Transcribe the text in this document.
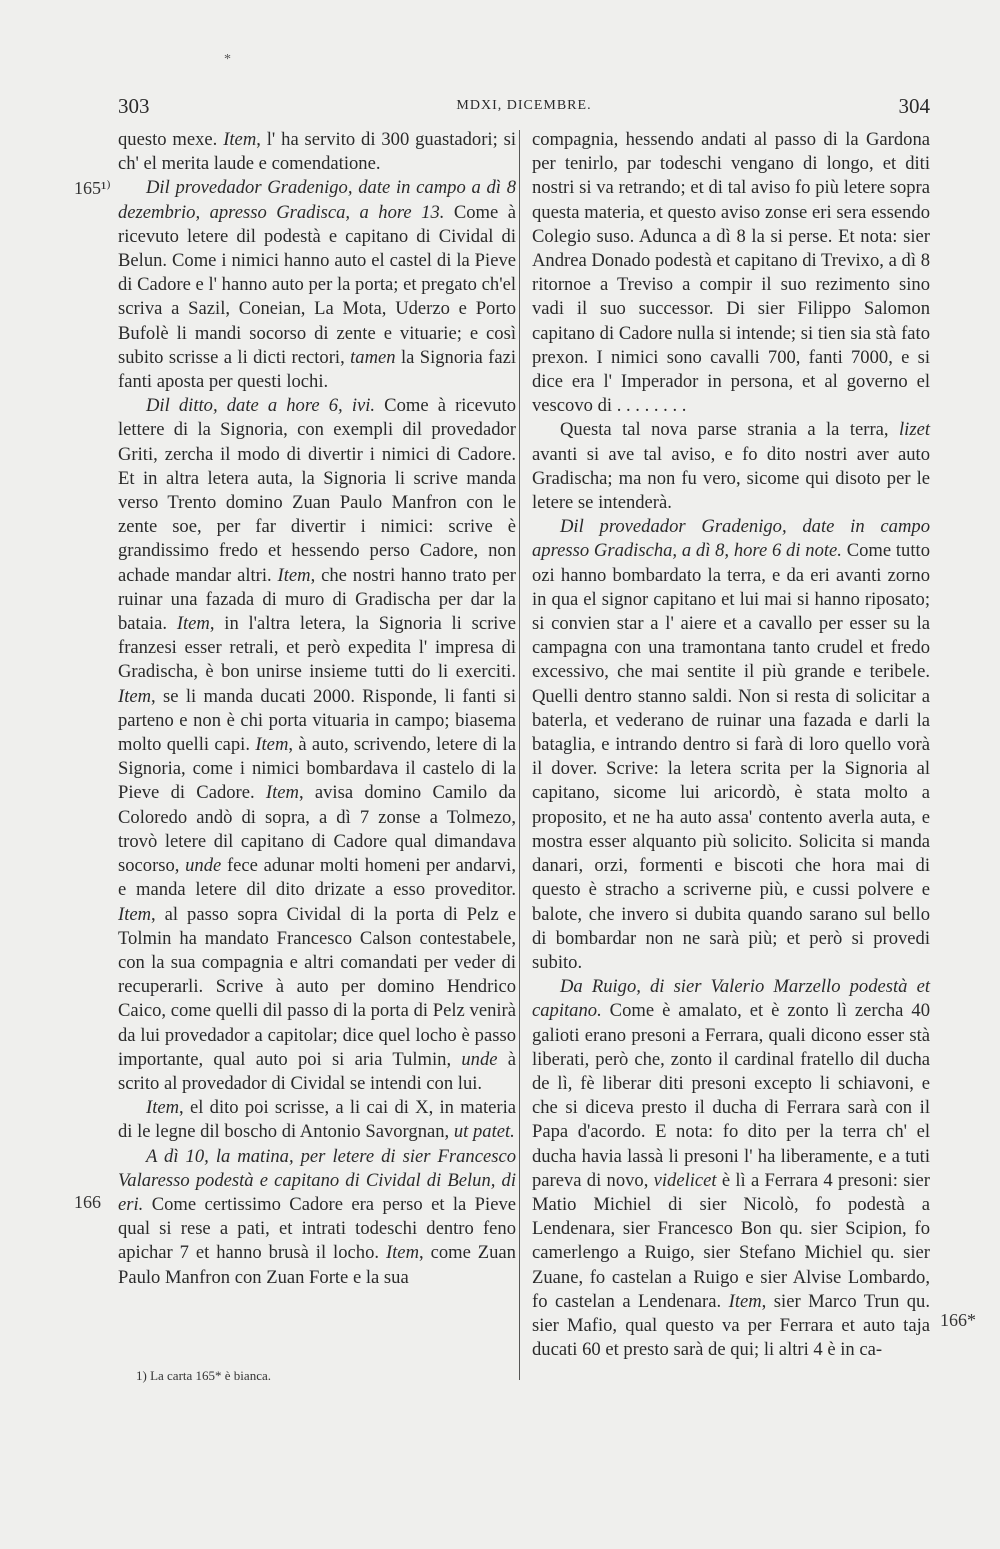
*
303	MDXI, DICEMBRE.	304

questo mexe. Item, l' ha servito di 300 guastadori; si ch' el merita laude e comendatione.

Dil provedador Gradenigo, date in campo a dì 8 dezembrio, apresso Gradisca, a hore 13. Come à ricevuto letere dil podestà e capitano di Cividal di Belun. Come i nimici hanno auto el castel di la Pieve di Cadore e l' hanno auto per la porta; et pregato ch'el scriva a Sazil, Coneian, La Mota, Uderzo e Porto Bufolè li mandi socorso di zente e vituarie; e così subito scrisse a li dicti rectori, tamen la Signoria fazi fanti aposta per questi lochi.

Dil ditto, date a hore 6, ivi. Come à ricevuto lettere di la Signoria, con exempli dil provedador Griti, zercha il modo di divertir i nimici di Cadore. Et in altra letera auta, la Signoria li scrive manda verso Trento domino Zuan Paulo Manfron con le zente soe, per far divertir i nimici: scrive è grandissimo fredo et hessendo perso Cadore, non achade mandar altri. Item, che nostri hanno trato per ruinar una fazada di muro di Gradischa per dar la bataia. Item, in l'altra letera, la Signoria li scrive franzesi esser retrali, et però expedita l' impresa di Gradischa, è bon unirse insieme tutti do li exerciti. Item, se li manda ducati 2000. Risponde, li fanti si parteno e non è chi porta vituaria in campo; biasema molto quelli capi. Item, à auto, scrivendo, letere di la Signoria, come i nimici bombardava il castelo di la Pieve di Cadore. Item, avisa domino Camilo da Coloredo andò di sopra, a dì 7 zonse a Tolmezo, trovò letere dil capitano di Cadore qual dimandava socorso, unde fece adunar molti homeni per andarvi, e manda letere dil dito drizate a esso proveditor. Item, al passo sopra Cividal di la porta di Pelz e Tolmin ha mandato Francesco Calson contestabele, con la sua compagnia e altri comandati per veder di recuperarli. Scrive à auto per domino Hendrico Caico, come quelli dil passo di la porta di Pelz venirà da lui provedador a capitolar; dice quel locho è passo importante, qual auto poi si aria Tulmin, unde à scrito al provedador di Cividal se intendi con lui.

Item, el dito poi scrisse, a li cai di X, in materia di le legne dil boscho di Antonio Savorgnan, ut patet.

A dì 10, la matina, per letere di sier Francesco Valaresso podestà e capitano di Cividal di Belun, di eri. Come certissimo Cadore era perso et la Pieve qual si rese a pati, et intrati todeschi dentro feno apichar 7 et hanno brusà il locho. Item, come Zuan Paulo Manfron con Zuan Forte e la sua

compagnia, hessendo andati al passo di la Gardona per tenirlo, par todeschi vengano di longo, et diti nostri si va retrando; et di tal aviso fo più letere sopra questa materia, et questo aviso zonse eri sera essendo Colegio suso. Adunca a dì 8 la si perse. Et nota: sier Andrea Donado podestà et capitano di Trevixo, a dì 8 ritornoe a Treviso a compir il suo rezimento sino vadi il suo successor. Di sier Filippo Salomon capitano di Cadore nulla si intende; si tien sia stà fato prexon. I nimici sono cavalli 700, fanti 7000, e si dice era l' Imperador in persona, et al governo el vescovo di . . . . . . . .

Questa tal nova parse strania a la terra, lizet avanti si ave tal aviso, e fo dito nostri aver auto Gradischa; ma non fu vero, sicome qui disoto per le letere se intenderà.

Dil provedador Gradenigo, date in campo apresso Gradischa, a dì 8, hore 6 di note. Come tutto ozi hanno bombardato la terra, e da eri avanti zorno in qua el signor capitano et lui mai si hanno riposato; si convien star a l' aiere et a cavallo per esser su la campagna con una tramontana tanto crudel et fredo excessivo, che mai sentite il più grande e teribele. Quelli dentro stanno saldi. Non si resta di solicitar a baterla, et vederano de ruinar una fazada e darli la bataglia, e intrando dentro si farà di loro quello vorà il dover. Scrive: la letera scrita per la Signoria al capitano, sicome lui aricordò, è stata molto a proposito, et ne ha auto assa' contento averla auta, e mostra esser alquanto più solicito. Solicita si manda danari, orzi, formenti e biscoti che hora mai di questo è stracho a scriverne più, e cussi polvere e balote, che invero si dubita quando sarano sul bello di bombardar non ne sarà più; et però si provedi subito.

Da Ruigo, di sier Valerio Marzello podestà et capitano. Come è amalato, et è zonto lì zercha 40 galioti erano presoni a Ferrara, quali dicono esser stà liberati, però che, zonto il cardinal fratello dil ducha de lì, fè liberar diti presoni excepto li schiavoni, e che si diceva presto il ducha di Ferrara sarà con il Papa d'acordo. E nota: fo dito per la terra ch' el ducha havia lassà li presoni l' ha liberamente, e a tuti pareva di novo, videlicet è lì a Ferrara 4 presoni: sier Matio Michiel di sier Nicolò, fo podestà a Lendenara, sier Francesco Bon qu. sier Scipion, fo camerlengo a Ruigo, sier Stefano Michiel qu. sier Zuane, fo castelan a Ruigo e sier Alvise Lombardo, fo castelan a Lendenara. Item, sier Marco Trun qu. sier Mafio, qual questo va per Ferrara et auto taja ducati 60 et presto sarà de qui; li altri 4 è in ca-

165¹⁾
166
166*
1) La carta 165* è bianca.
